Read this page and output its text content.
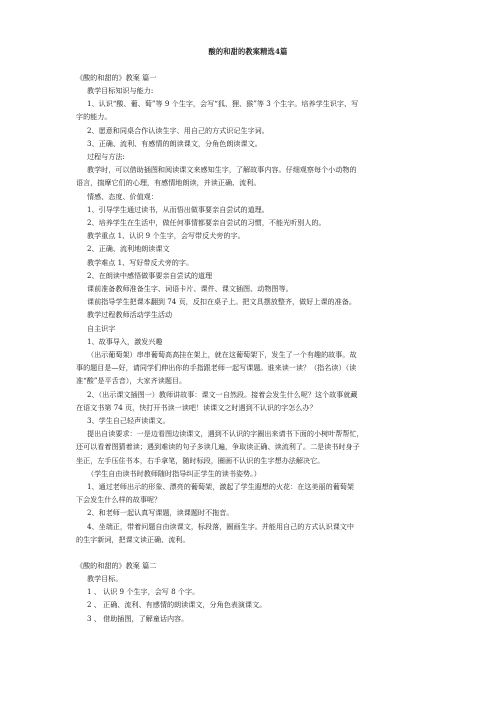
酸的和甜的教案精选4篇
《酸的和甜的》教案 篇一
教学目标知识与能力:
1、认识“酸、葡、萄”等 9 个生字，会写“狐、狸、猴”等 3 个生字。培养学生识字、写
字的能力。
2、愿意和同桌合作认读生字、用自己的方式识记生字词。
3、正确、流利、有感情的朗读课文，分角色朗读课文。
过程与方法:
教学时，可以借助插图和阅读课文来感知生字，了解故事内容。仔细观察每个小动物的
语言，揣摩它们的心理，有感情地朗读，并读正确、流利。
情感、态度、价值观：
1、引导学生通过读书，从而悟出做事要亲自尝试的道理。
2、培养学生在生活中，做任何事情都要亲自尝试的习惯，不能光听别人的。
教学重点 1、认识 9 个生字，会写带反犬旁的字。
2、正确、流利地朗读课文
教学难点 1、写好带反犬旁的字。
2、在朗读中感悟做事要亲自尝试的道理
课前准备教师准备生字、词语卡片、课件、课文插图、动物图等。
课前指导学生把课本翻到 74 页，反扣在桌子上。把文具摆放整齐，做好上课的准备。
教学过程教师活动学生活动
自主识字
1、故事导入，激发兴趣
（出示葡萄架）串串葡萄高高挂在架上，就在这葡萄架下，发生了一个有趣的故事。故
事的题目是—好，请同学们伸出你的手指跟老师一起写课题。谁来读一读？（指名读）（读
准“酸”是平舌音），大家齐读题目。
2、（出示课文插图一）教师讲故事：课文一自然段。接着会发生什么呢？这个故事就藏
在语文书第 74 页，快打开书读一读吧！读课文之时遇到不认识的字怎么办？
3、学生自己轻声读课文。
提出自读要求：一是边看图边读课文，遇到不认识的字圈出来请书下面的小树叶帮帮忙，
还可以看着图猜着读；遇到难读的句子多读几遍，争取读正确、读流利了。二是读书时身子
坐正，左手压住书本，右手拿笔，随时标段，圈画不认识的生字想办法解决它。
（学生自由读书时教师随时指导纠正学生的读书姿势。）
1、通过老师出示的形象、漂亮的葡萄架，激起了学生遐想的火花：在这美丽的葡萄架
下会发生什么样的故事呢？
2、和老师一起认真写课题，读课题时不拖音。
4、坐端正，带着问题自由读课文，标段落，圈画生字。并能用自己的方式认识课文中
的生字新词，把课文读正确、流利。
《酸的和甜的》教案 篇二
教学目标。
1 、 认识 9 个生字，会写 8 个字。
2 、 正确、流利、有感情的朗读课文，分角色表演课文。
3 、 借助插图，了解童话内容。
